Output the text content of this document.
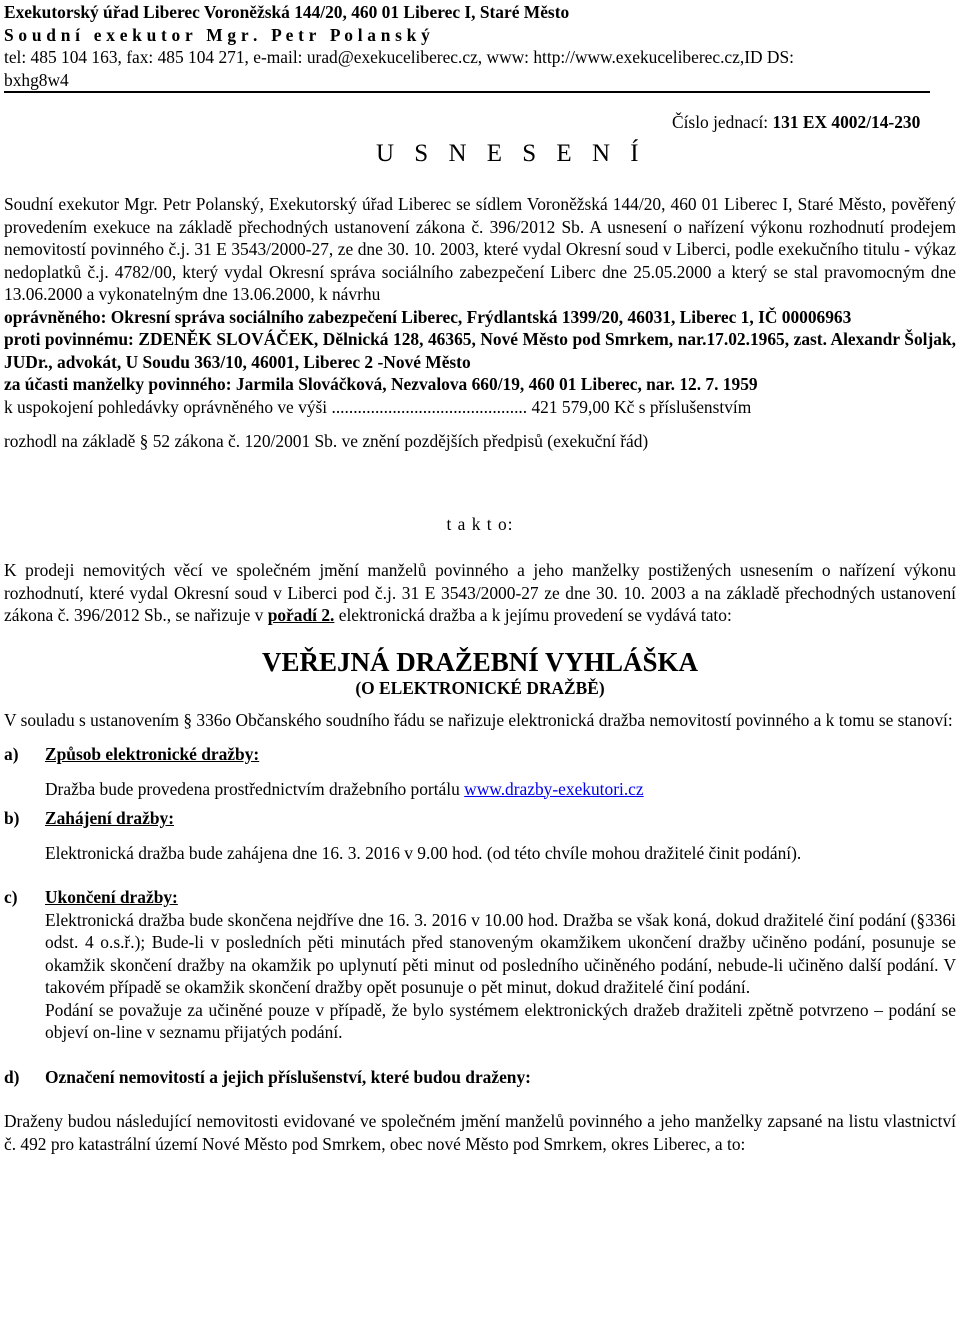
Exekutorský úřad Liberec Voroněžská 144/20, 460 01 Liberec I, Staré Město
S o u d n í   e x e k u t o r   M g r .   P e t r   P o l a n s k ý
tel: 485 104 163, fax: 485 104 271, e-mail: urad@exekuceliberec.cz, www: http://www.exekuceliberec.cz,ID DS:
bxhg8w4
Číslo jednací: 131 EX 4002/14-230
U S N E S E N Í

Soudní exekutor Mgr. Petr Polanský, Exekutorský úřad Liberec se sídlem Voroněžská 144/20, 460 01 Liberec I, Staré Město, pověřený provedením exekuce na základě přechodných ustanovení zákona č. 396/2012 Sb. A usnesení o nařízení výkonu rozhodnutí prodejem nemovitostí povinného č.j. 31 E 3543/2000-27, ze dne 30. 10. 2003, které vydal Okresní soud v Liberci, podle exekučního titulu - výkaz nedoplatků č.j. 4782/00, který vydal Okresní správa sociálního zabezpečení Liberc dne 25.05.2000 a který se stal pravomocným dne 13.06.2000 a vykonatelným dne 13.06.2000, k návrhu

oprávněného: Okresní správa sociálního zabezpečení Liberec, Frýdlantská 1399/20, 46031, Liberec 1, IČ 00006963

proti povinnému: ZDENĚK SLOVÁČEK, Dělnická 128, 46365, Nové Město pod Smrkem, nar.17.02.1965, zast. Alexandr Šoljak, JUDr., advokát, U Soudu 363/10, 46001, Liberec 2 -Nové Město

za účasti manželky povinného: Jarmila Slováčková, Nezvalova 660/19, 460 01 Liberec, nar. 12. 7. 1959

k uspokojení pohledávky oprávněného ve výši ............................................. 421 579,00 Kč s příslušenstvím

rozhodl na základě § 52 zákona č. 120/2001 Sb. ve znění pozdějších předpisů (exekuční řád)

t a k t o:

K prodeji nemovitých věcí ve společném jmění manželů povinného a jeho manželky postižených usnesením o nařízení výkonu rozhodnutí, které vydal Okresní soud v Liberci pod č.j. 31 E 3543/2000-27 ze dne 30. 10. 2003 a na základě přechodných ustanovení zákona č. 396/2012 Sb., se nařizuje v pořadí 2. elektronická dražba a k jejímu provedení se vydává tato:

VEŘEJNÁ DRAŽEBNÍ VYHLÁŠKA
(O ELEKTRONICKÉ DRAŽBĚ)

V souladu s ustanovením § 336o Občanského soudního řádu se nařizuje elektronická dražba nemovitostí povinného a k tomu se stanoví:

a) Způsob elektronické dražby:
Dražba bude provedena prostřednictvím dražebního portálu www.drazby-exekutori.cz
b) Zahájení dražby:
Elektronická dražba bude zahájena dne 16. 3. 2016 v 9.00 hod. (od této chvíle mohou dražitelé činit podání).
c) Ukončení dražby:
Elektronická dražba bude skončena nejdříve dne 16. 3. 2016 v 10.00 hod. Dražba se však koná, dokud dražitelé činí podání (§336i odst. 4 o.s.ř.); Bude-li v posledních pěti minutách před stanoveným okamžikem ukončení dražby učiněno podání, posunuje se okamžik skončení dražby na okamžik po uplynutí pěti minut od posledního učiněného podání, nebude-li učiněno další podání. V takovém případě se okamžik skončení dražby opět posunuje o pět minut, dokud dražitelé činí podání.
Podání se považuje za učiněné pouze v případě, že bylo systémem elektronických dražeb dražiteli zpětně potvrzeno – podání se objeví on-line v seznamu přijatých podání.
d) Označení nemovitostí a jejich příslušenství, které budou draženy:

Draženy budou následující nemovitosti evidované ve společném jmění manželů povinného a jeho manželky zapsané na listu vlastnictví č. 492 pro katastrální území Nové Město pod Smrkem, obec nové Město pod Smrkem, okres Liberec, a to:
